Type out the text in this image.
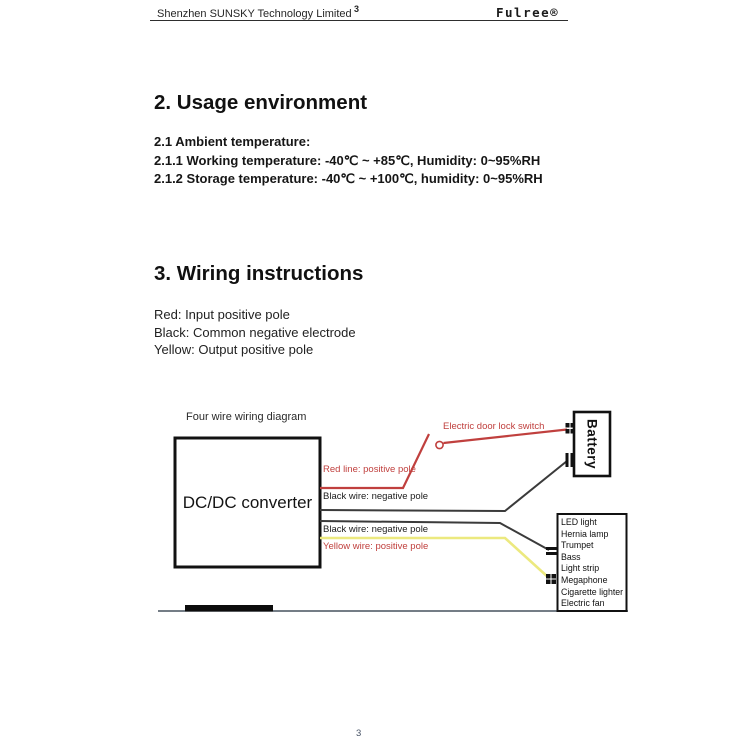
Shenzhen SUNSKY Technology Limited 3	Fulree®
2. Usage environment
2.1 Ambient temperature:
2.1.1 Working temperature: -40℃ ~ +85℃, Humidity: 0~95%RH
2.1.2 Storage temperature: -40℃ ~ +100℃, humidity: 0~95%RH
3. Wiring instructions
Red: Input positive pole
Black: Common negative electrode
Yellow: Output positive pole
Four wire wiring diagram
DC/DC converter
Battery
Electric door lock switch
Red line: positive pole
Black wire: negative pole
Black wire: negative pole
Yellow wire: positive pole
LED light
Hernia lamp
Trumpet
Bass
Light strip
Megaphone
Cigarette lighter
Electric fan
3
